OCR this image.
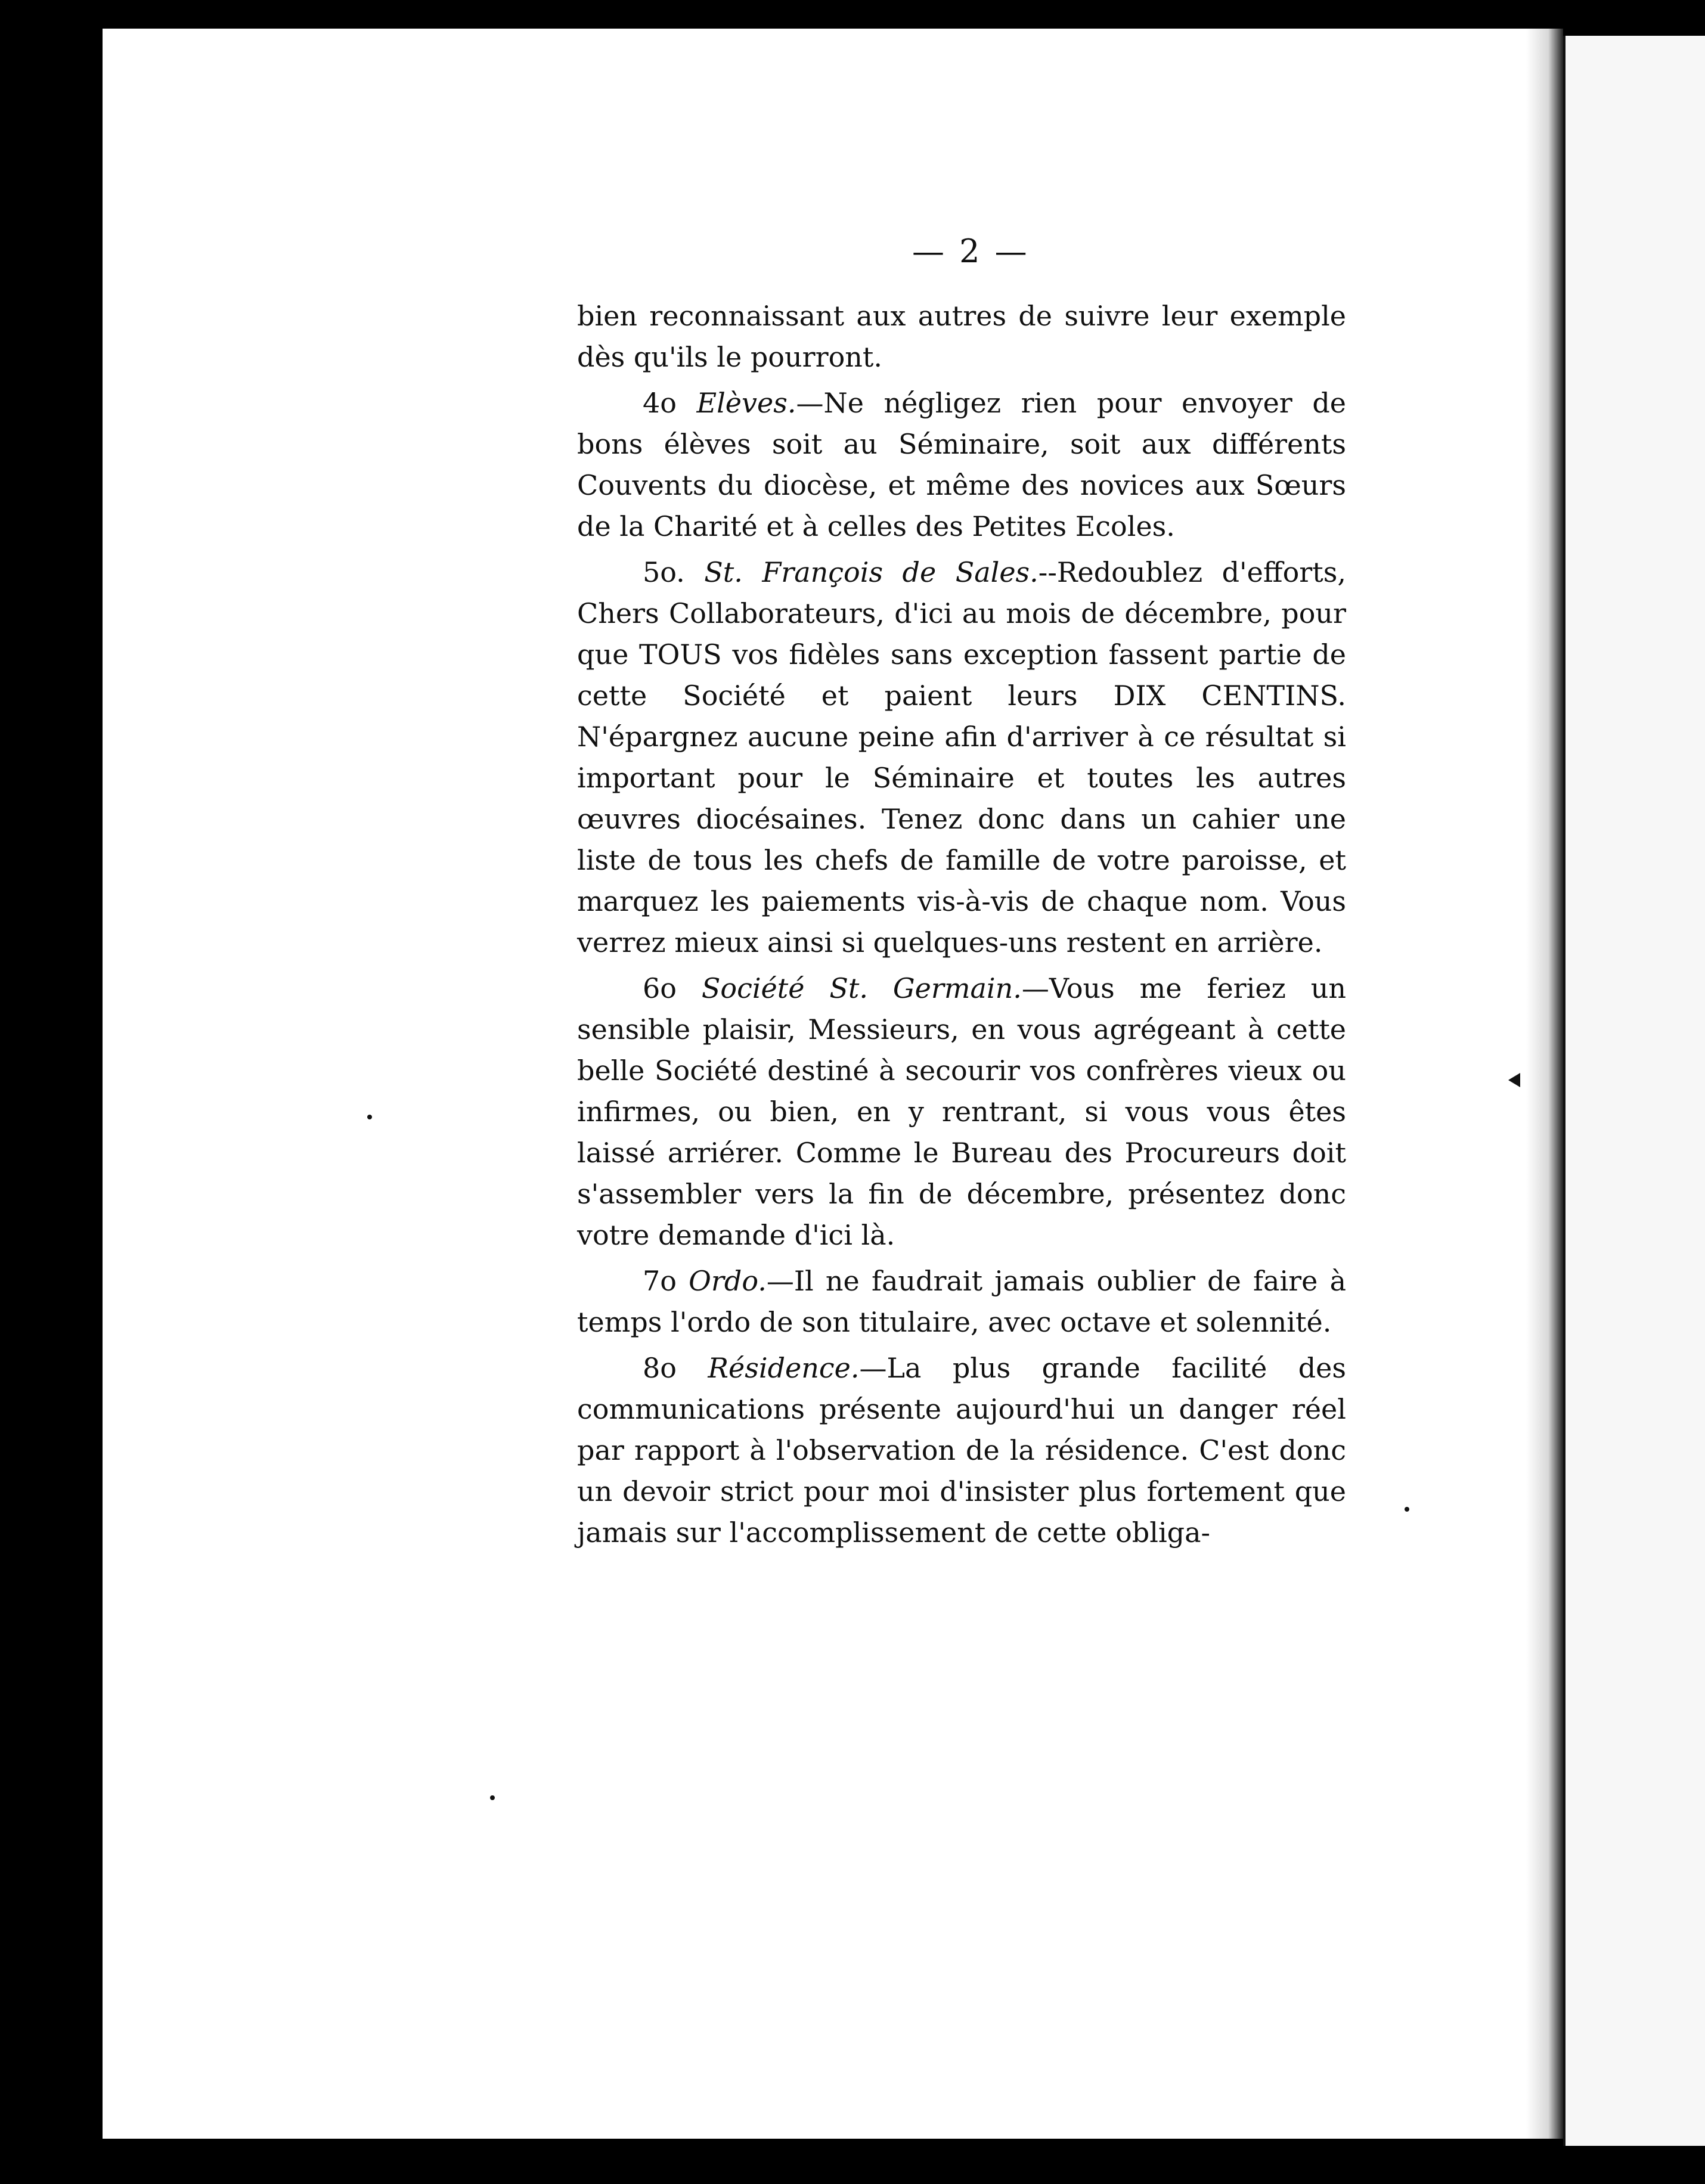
— 2 —

bien reconnaissant aux autres de suivre leur exemple dès qu'ils le pourront.

4o Elèves.—Ne négligez rien pour envoyer de bons élèves soit au Séminaire, soit aux différents Couvents du diocèse, et même des novices aux Sœurs de la Charité et à celles des Petites Ecoles.

5o. St. François de Sales.--Redoublez d'efforts, Chers Collaborateurs, d'ici au mois de décembre, pour que TOUS vos fidèles sans exception fassent partie de cette Société et paient leurs DIX CENTINS. N'épargnez aucune peine afin d'arriver à ce résultat si important pour le Séminaire et toutes les autres œuvres diocésaines. Tenez donc dans un cahier une liste de tous les chefs de famille de votre paroisse, et marquez les paiements vis-à-vis de chaque nom. Vous verrez mieux ainsi si quelques-uns restent en arrière.

6o Société St. Germain.—Vous me feriez un sensible plaisir, Messieurs, en vous agrégeant à cette belle Société destiné à secourir vos confrères vieux ou infirmes, ou bien, en y rentrant, si vous vous êtes laissé arriérer. Comme le Bureau des Procureurs doit s'assembler vers la fin de décembre, présentez donc votre demande d'ici là.

7o Ordo.—Il ne faudrait jamais oublier de faire à temps l'ordo de son titulaire, avec octave et solennité.

8o Résidence.—La plus grande facilité des communications présente aujourd'hui un danger réel par rapport à l'observation de la résidence. C'est donc un devoir strict pour moi d'insister plus fortement que jamais sur l'accomplissement de cette obliga-
